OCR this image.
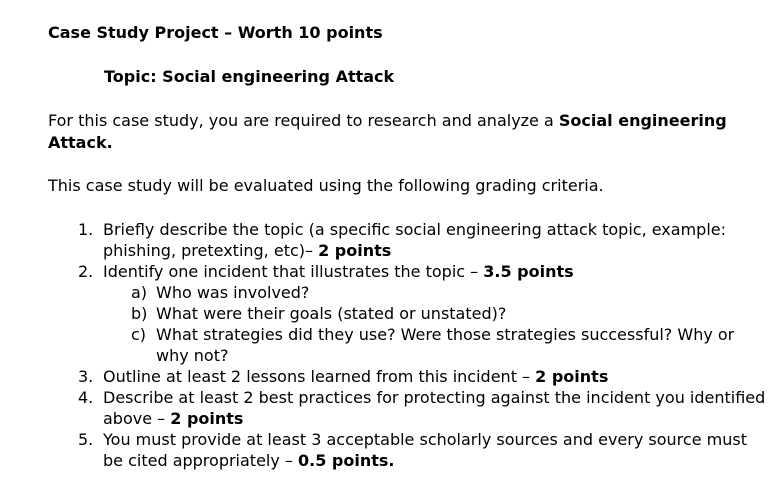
Case Study Project – Worth 10 points
Topic: Social engineering Attack
For this case study, you are required to research and analyze a Social engineering Attack.
This case study will be evaluated using the following grading criteria.
1. Briefly describe the topic (a specific social engineering attack topic, example: phishing, pretexting, etc)– 2 points
2. Identify one incident that illustrates the topic – 3.5 points
a) Who was involved?
b) What were their goals (stated or unstated)?
c) What strategies did they use? Were those strategies successful? Why or why not?
3. Outline at least 2 lessons learned from this incident – 2 points
4. Describe at least 2 best practices for protecting against the incident you identified above – 2 points
5. You must provide at least 3 acceptable scholarly sources and every source must be cited appropriately – 0.5 points.
